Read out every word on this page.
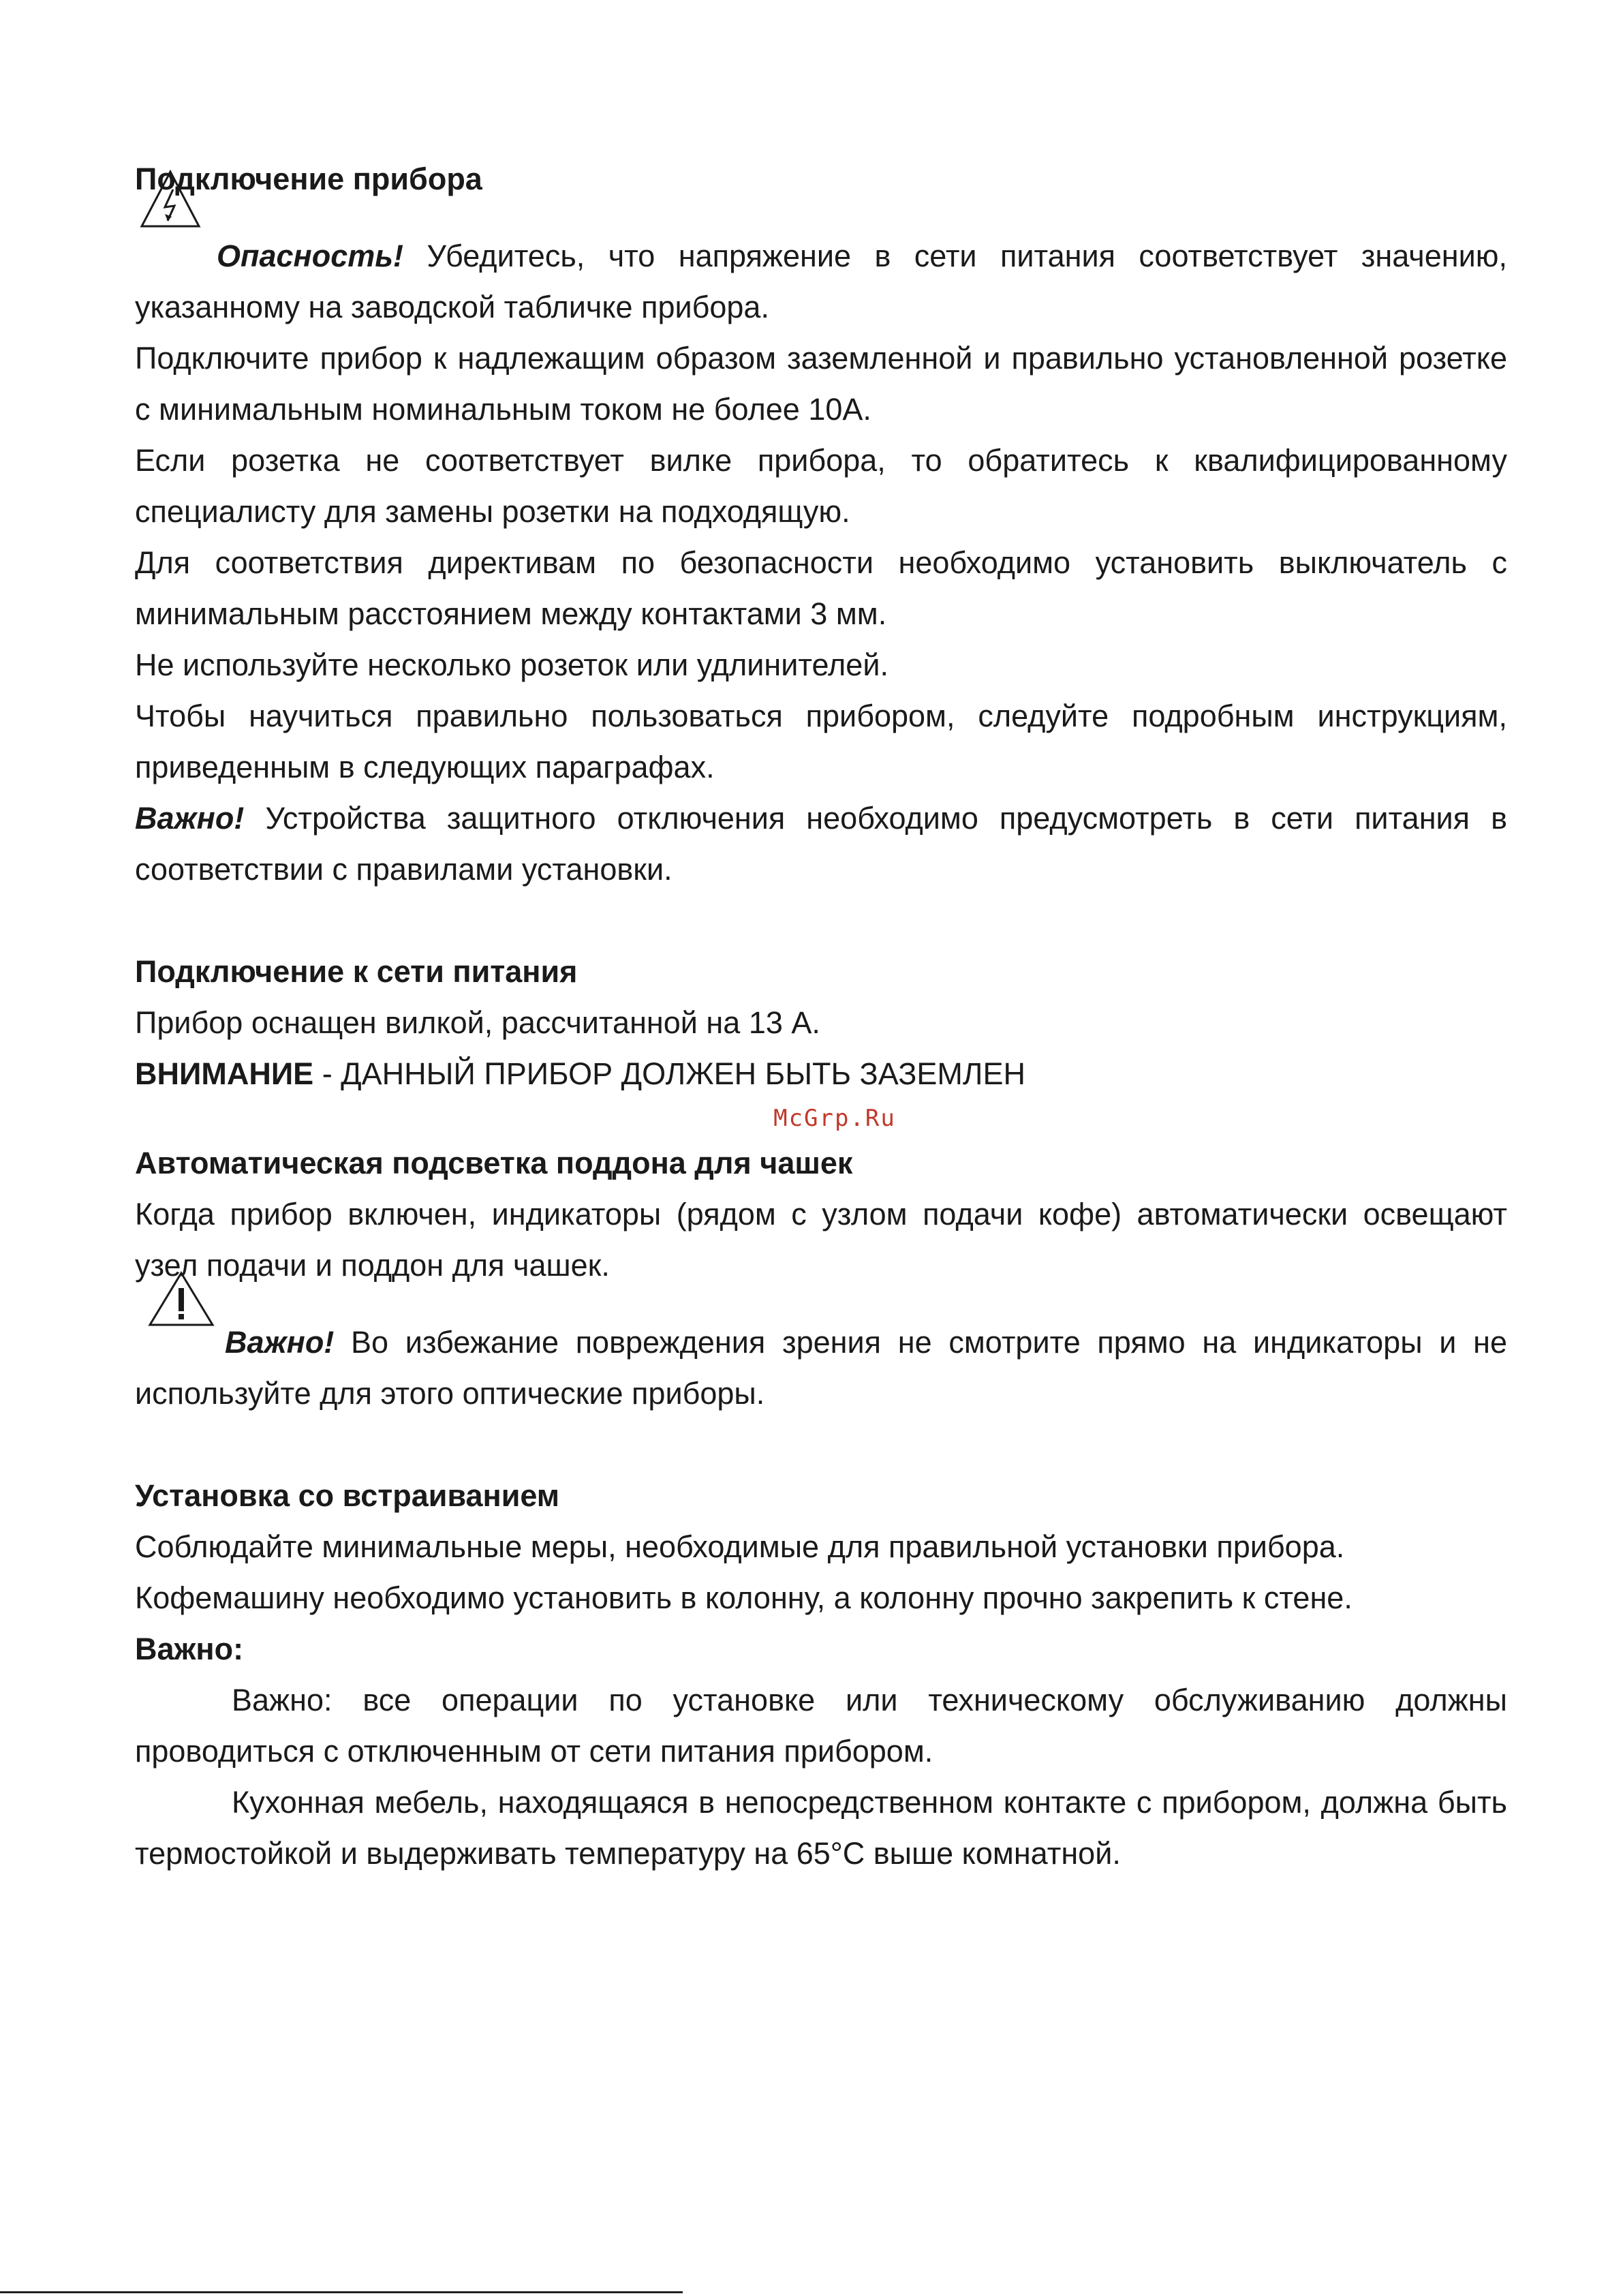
Подключение прибора

Опасность! Убедитесь, что напряжение в сети питания соответствует значению, указанному на заводской табличке прибора.

Подключите прибор к надлежащим образом заземленной и правильно установленной розетке с минимальным номинальным током не более 10А.

Если розетка не соответствует вилке прибора, то обратитесь к квалифицированному специалисту для замены розетки на подходящую.

Для соответствия директивам по безопасности необходимо установить выключатель с минимальным расстоянием между контактами 3 мм.

Не используйте несколько розеток или удлинителей.

Чтобы научиться правильно пользоваться прибором, следуйте подробным инструкциям, приведенным в следующих параграфах.

Важно! Устройства защитного отключения необходимо предусмотреть в сети питания в соответствии с правилами установки.

Подключение к сети питания

Прибор оснащен вилкой, рассчитанной на 13 А.

ВНИМАНИЕ - ДАННЫЙ ПРИБОР ДОЛЖЕН БЫТЬ ЗАЗЕМЛЕН

McGrp.Ru
Автоматическая подсветка поддона для чашек

Когда прибор включен, индикаторы (рядом с узлом подачи кофе) автоматически освещают узел подачи и поддон для чашек.

Важно! Во избежание повреждения зрения не смотрите прямо на индикаторы и не используйте для этого оптические приборы.

Установка со встраиванием

Соблюдайте минимальные меры, необходимые для правильной установки прибора.

Кофемашину необходимо установить в колонну, а колонну прочно закрепить к стене.

Важно:

Важно: все операции по установке или техническому обслуживанию должны проводиться с отключенным от сети питания прибором.

Кухонная мебель, находящаяся в непосредственном контакте с прибором, должна быть термостойкой и выдерживать температуру на 65°С выше комнатной.
